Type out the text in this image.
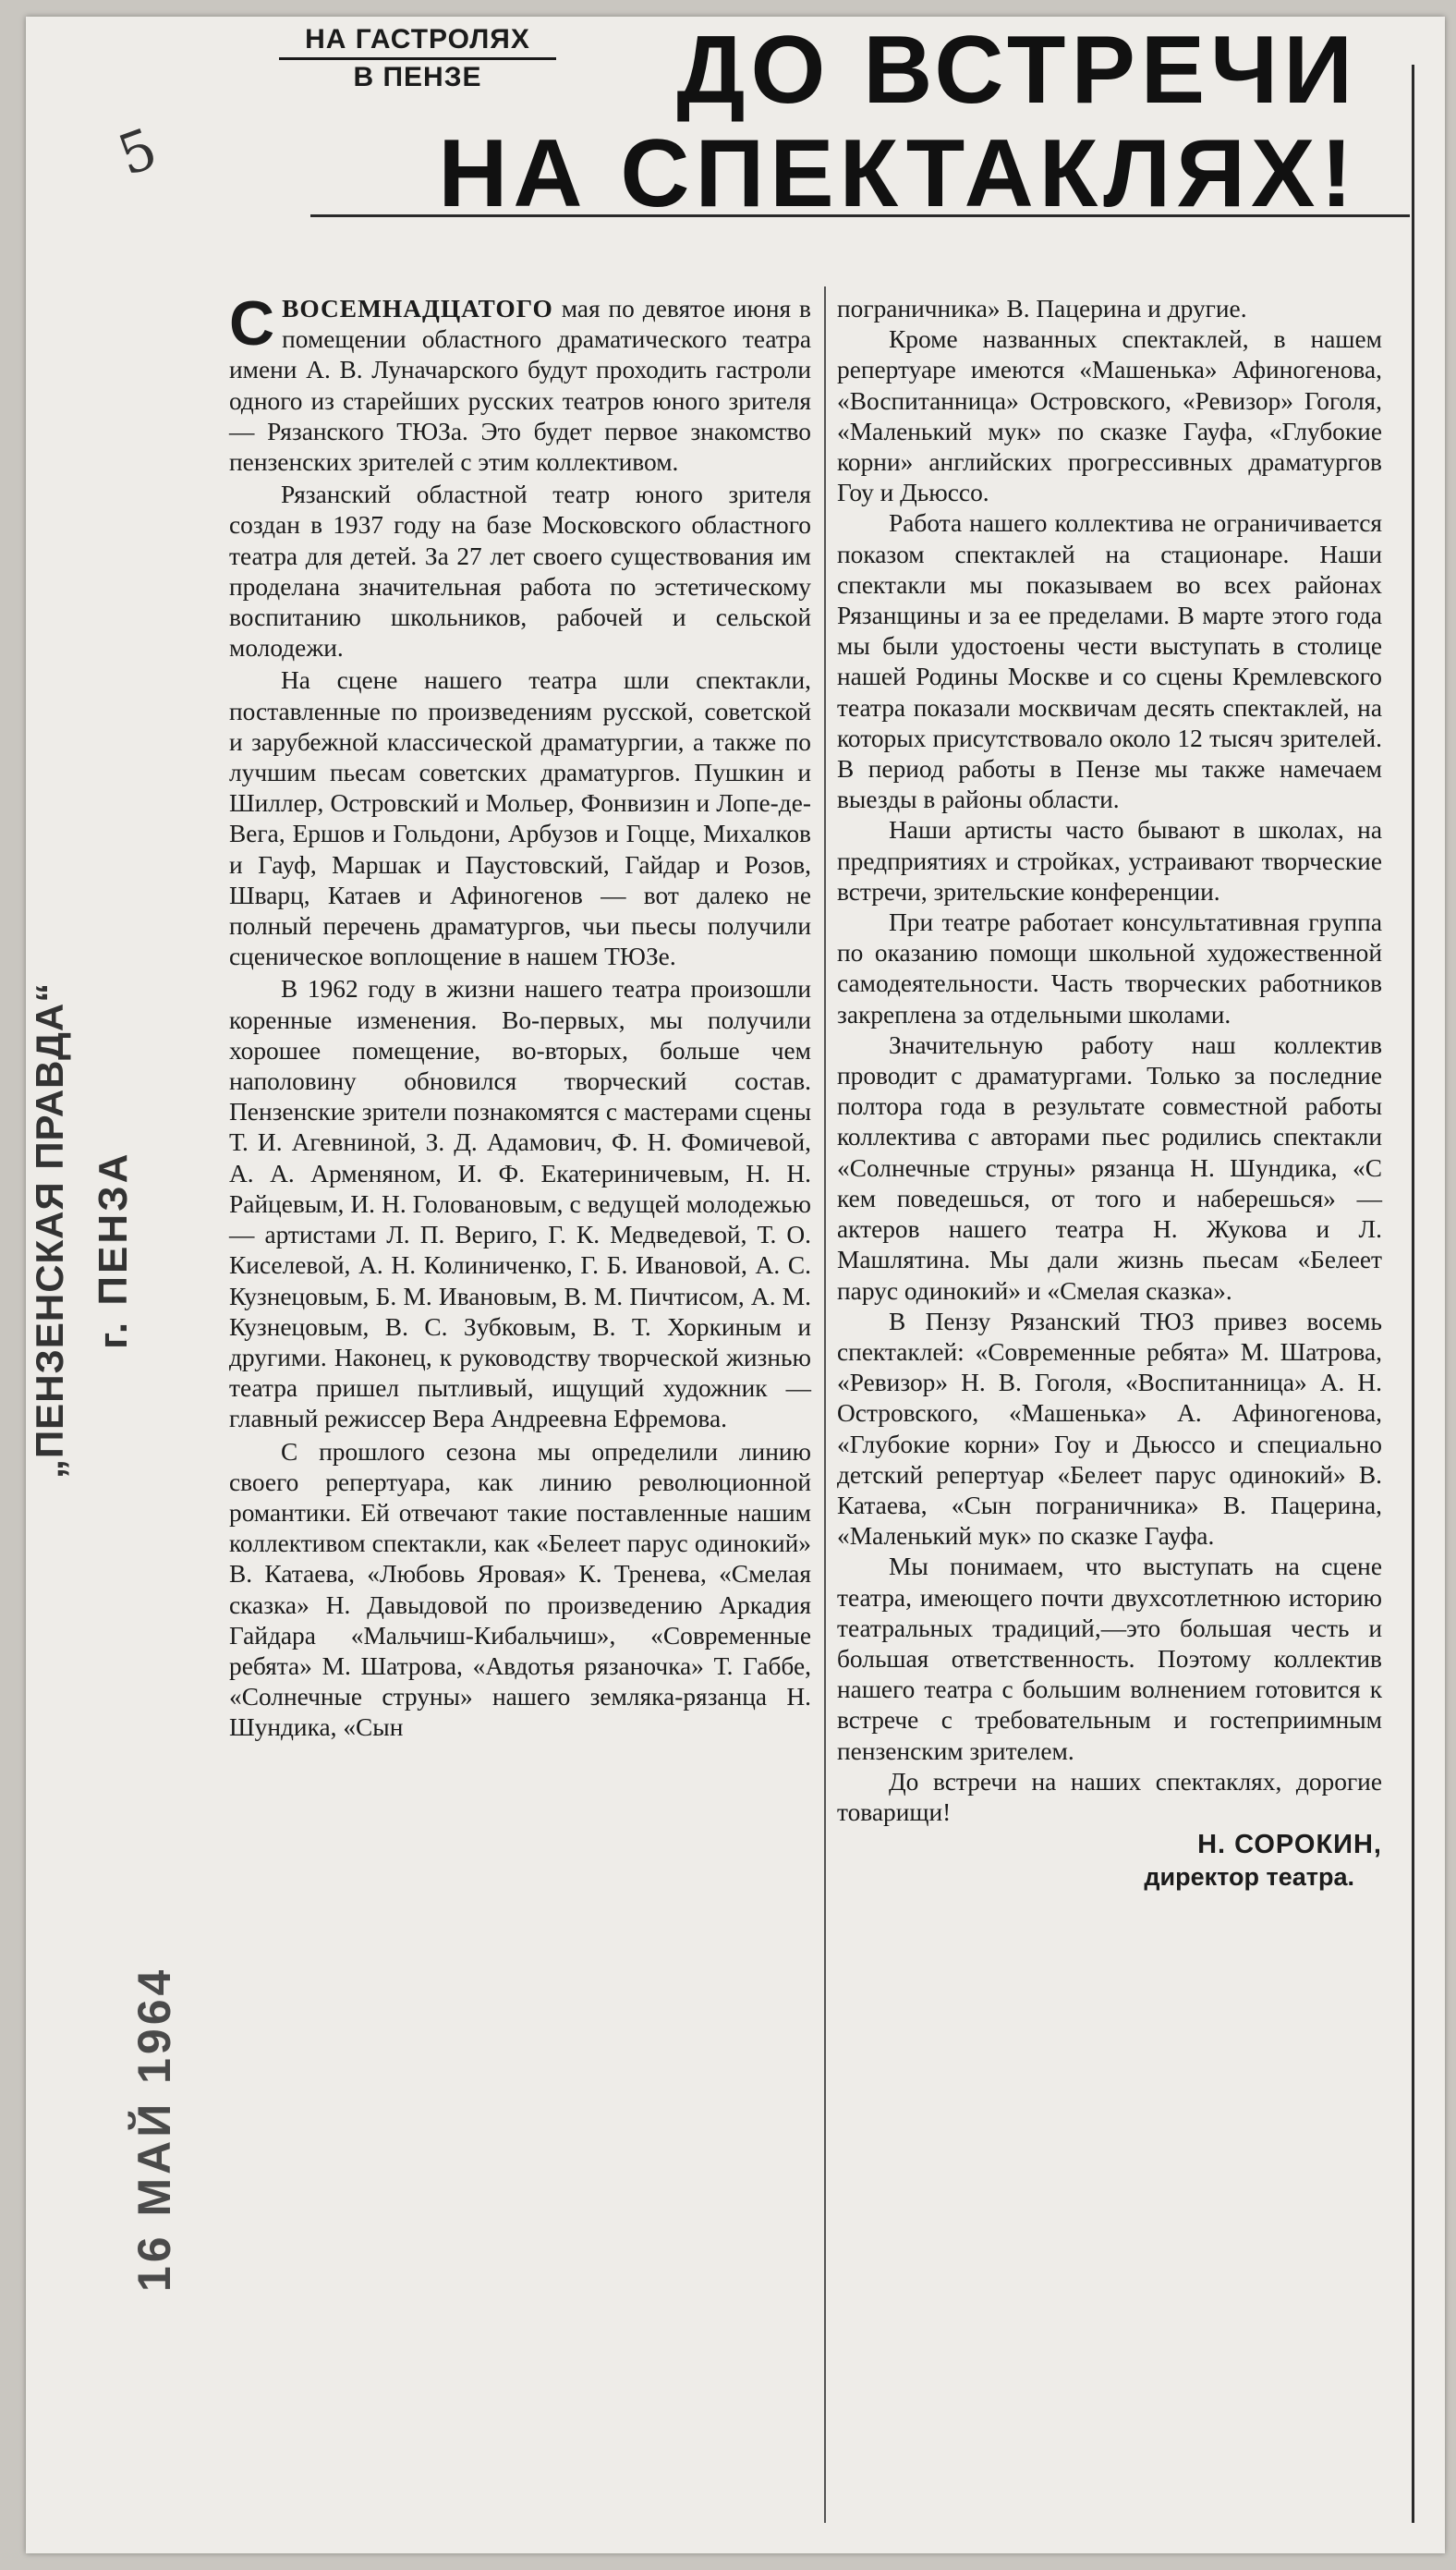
НА ГАСТРОЛЯХ
В ПЕНЗЕ	ДО ВСТРЕЧИ
НА СПЕКТАКЛЯХ!
5
„ПЕНЗЕНСКАЯ ПРАВДА“ г. ПЕНЗА
16 МАЙ 1964

СВОСЕМНАДЦАТОГО мая по девятое июня в помещении областного драматического театра имени А. В. Луначарского будут проходить гастроли одного из старейших русских театров юного зрителя — Рязанского ТЮЗа. Это будет первое знакомство пензенских зрителей с этим коллективом.

Рязанский областной театр юного зрителя создан в 1937 году на базе Московского областного театра для детей. За 27 лет своего существования им проделана значительная работа по эстетическому воспитанию школьников, рабочей и сельской молодежи.

На сцене нашего театра шли спектакли, поставленные по произведениям русской, советской и зарубежной классической драматургии, а также по лучшим пьесам советских драматургов. Пушкин и Шиллер, Островский и Мольер, Фонвизин и Лопе-де-Вега, Ершов и Гольдони, Арбузов и Гоцце, Михалков и Гауф, Маршак и Паустовский, Гайдар и Розов, Шварц, Катаев и Афиногенов — вот далеко не полный перечень драматургов, чьи пьесы получили сценическое воплощение в нашем ТЮЗе.

В 1962 году в жизни нашего театра произошли коренные изменения. Во-первых, мы получили хорошее помещение, во-вторых, больше чем наполовину обновился творческий состав. Пензенские зрители познакомятся с мастерами сцены Т. И. Агевниной, З. Д. Адамович, Ф. Н. Фомичевой, А. А. Арменяном, И. Ф. Екатериничевым, Н. Н. Райцевым, И. Н. Головановым, с ведущей молодежью — артистами Л. П. Вериго, Г. К. Медведевой, Т. О. Киселевой, А. Н. Колиниченко, Г. Б. Ивановой, А. С. Кузнецовым, Б. М. Ивановым, В. М. Пичтисом, А. М. Кузнецовым, В. С. Зубковым, В. Т. Хоркиным и другими. Наконец, к руководству творческой жизнью театра пришел пытливый, ищущий художник — главный режиссер Вера Андреевна Ефремова.

С прошлого сезона мы определили линию своего репертуара, как линию революционной романтики. Ей отвечают такие поставленные нашим коллективом спектакли, как «Белеет парус одинокий» В. Катаева, «Любовь Яровая» К. Тренева, «Смелая сказка» Н. Давыдовой по произведению Аркадия Гайдара «Мальчиш-Кибальчиш», «Современные ребята» М. Шатрова, «Авдотья рязаночка» Т. Габбе, «Солнечные струны» нашего земляка-рязанца Н. Шундика, «Сын

пограничника» В. Пацерина и другие.

Кроме названных спектаклей, в нашем репертуаре имеются «Машенька» Афиногенова, «Воспитанница» Островского, «Ревизор» Гоголя, «Маленький мук» по сказке Гауфа, «Глубокие корни» английских прогрессивных драматургов Гоу и Дьюссо.

Работа нашего коллектива не ограничивается показом спектаклей на стационаре. Наши спектакли мы показываем во всех районах Рязанщины и за ее пределами. В марте этого года мы были удостоены чести выступать в столице нашей Родины Москве и со сцены Кремлевского театра показали москвичам десять спектаклей, на которых присутствовало около 12 тысяч зрителей. В период работы в Пензе мы также намечаем выезды в районы области.

Наши артисты часто бывают в школах, на предприятиях и стройках, устраивают творческие встречи, зрительские конференции.

При театре работает консультативная группа по оказанию помощи школьной художественной самодеятельности. Часть творческих работников закреплена за отдельными школами.

Значительную работу наш коллектив проводит с драматургами. Только за последние полтора года в результате совместной работы коллектива с авторами пьес родились спектакли «Солнечные струны» рязанца Н. Шундика, «С кем поведешься, от того и наберешься» — актеров нашего театра Н. Жукова и Л. Машлятина. Мы дали жизнь пьесам «Белеет парус одинокий» и «Смелая сказка».

В Пензу Рязанский ТЮЗ привез восемь спектаклей: «Современные ребята» М. Шатрова, «Ревизор» Н. В. Гоголя, «Воспитанница» А. Н. Островского, «Машенька» А. Афиногенова, «Глубокие корни» Гоу и Дьюссо и специально детский репертуар «Белеет парус одинокий» В. Катаева, «Сын пограничника» В. Пацерина, «Маленький мук» по сказке Гауфа.

Мы понимаем, что выступать на сцене театра, имеющего почти двухсотлетнюю историю театральных традиций,—это большая честь и большая ответственность. Поэтому коллектив нашего театра с большим волнением готовится к встрече с требовательным и гостеприимным пензенским зрителем.

До встречи на наших спектаклях, дорогие товарищи!

Н. СОРОКИН,
директор театра.
